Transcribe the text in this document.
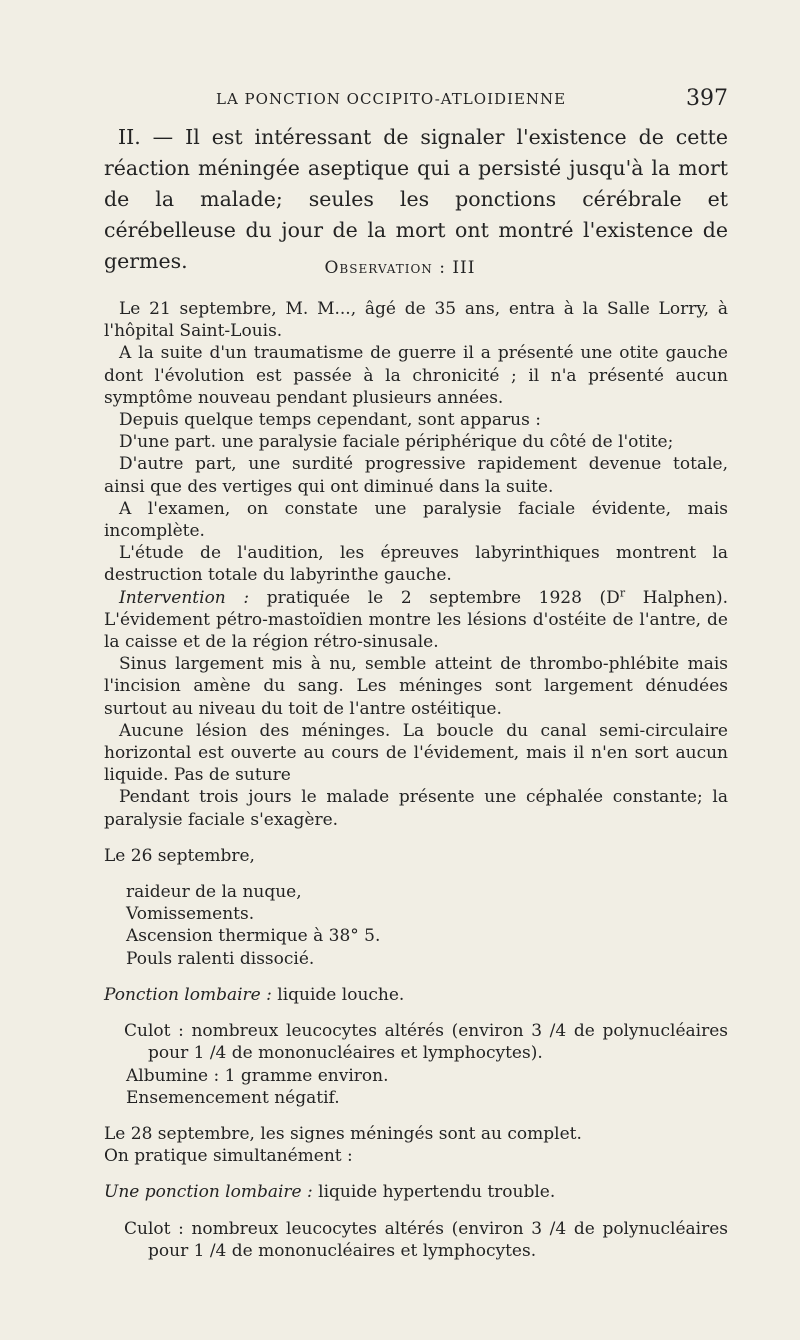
LA PONCTION OCCIPITO-ATLOIDIENNE	397

II. — Il est intéressant de signaler l'existence de cette réaction méningée aseptique qui a persisté jusqu'à la mort de la malade; seules les ponctions cérébrale et cérébelleuse du jour de la mort ont montré l'existence de germes.	Observation : III

Le 21 septembre, M. M..., âgé de 35 ans, entra à la Salle Lorry, à l'hôpital Saint-Louis.

A la suite d'un traumatisme de guerre il a présenté une otite gauche dont l'évolution est passée à la chronicité ; il n'a présenté aucun symptôme nouveau pendant plusieurs années.

Depuis quelque temps cependant, sont apparus :

D'une part. une paralysie faciale périphérique du côté de l'otite;

D'autre part, une surdité progressive rapidement devenue totale, ainsi que des vertiges qui ont diminué dans la suite.

A l'examen, on constate une paralysie faciale évidente, mais incomplète.

L'étude de l'audition, les épreuves labyrinthiques montrent la destruction totale du labyrinthe gauche.

Intervention : pratiquée le 2 septembre 1928 ($D^r$ Halphen). L'évidement pétro-mastoïdien montre les lésions d'ostéite de l'antre, de la caisse et de la région rétro-sinusale.

Sinus largement mis à nu, semble atteint de thrombo-phlébite mais l'incision amène du sang. Les méninges sont largement dénudées surtout au niveau du toit de l'antre ostéitique.

Aucune lésion des méninges. La boucle du canal semi-circulaire horizontal est ouverte au cours de l'évidement, mais il n'en sort aucun liquide. Pas de suture

Pendant trois jours le malade présente une céphalée constante; la paralysie faciale s'exagère.

Le 26 septembre,

raideur de la nuque,

Vomissements.

Ascension thermique à 38° 5.

Pouls ralenti dissocié.

Ponction lombaire : liquide louche.

Culot : nombreux leucocytes altérés (environ 3 /4 de polynucléaires pour 1 /4 de mononucléaires et lymphocytes).

Albumine : 1 gramme environ.

Ensemencement négatif.

Le 28 septembre, les signes méningés sont au complet.

On pratique simultanément :

Une ponction lombaire : liquide hypertendu trouble.

Culot : nombreux leucocytes altérés (environ 3 /4 de polynucléaires pour 1 /4 de mononucléaires et lymphocytes.
